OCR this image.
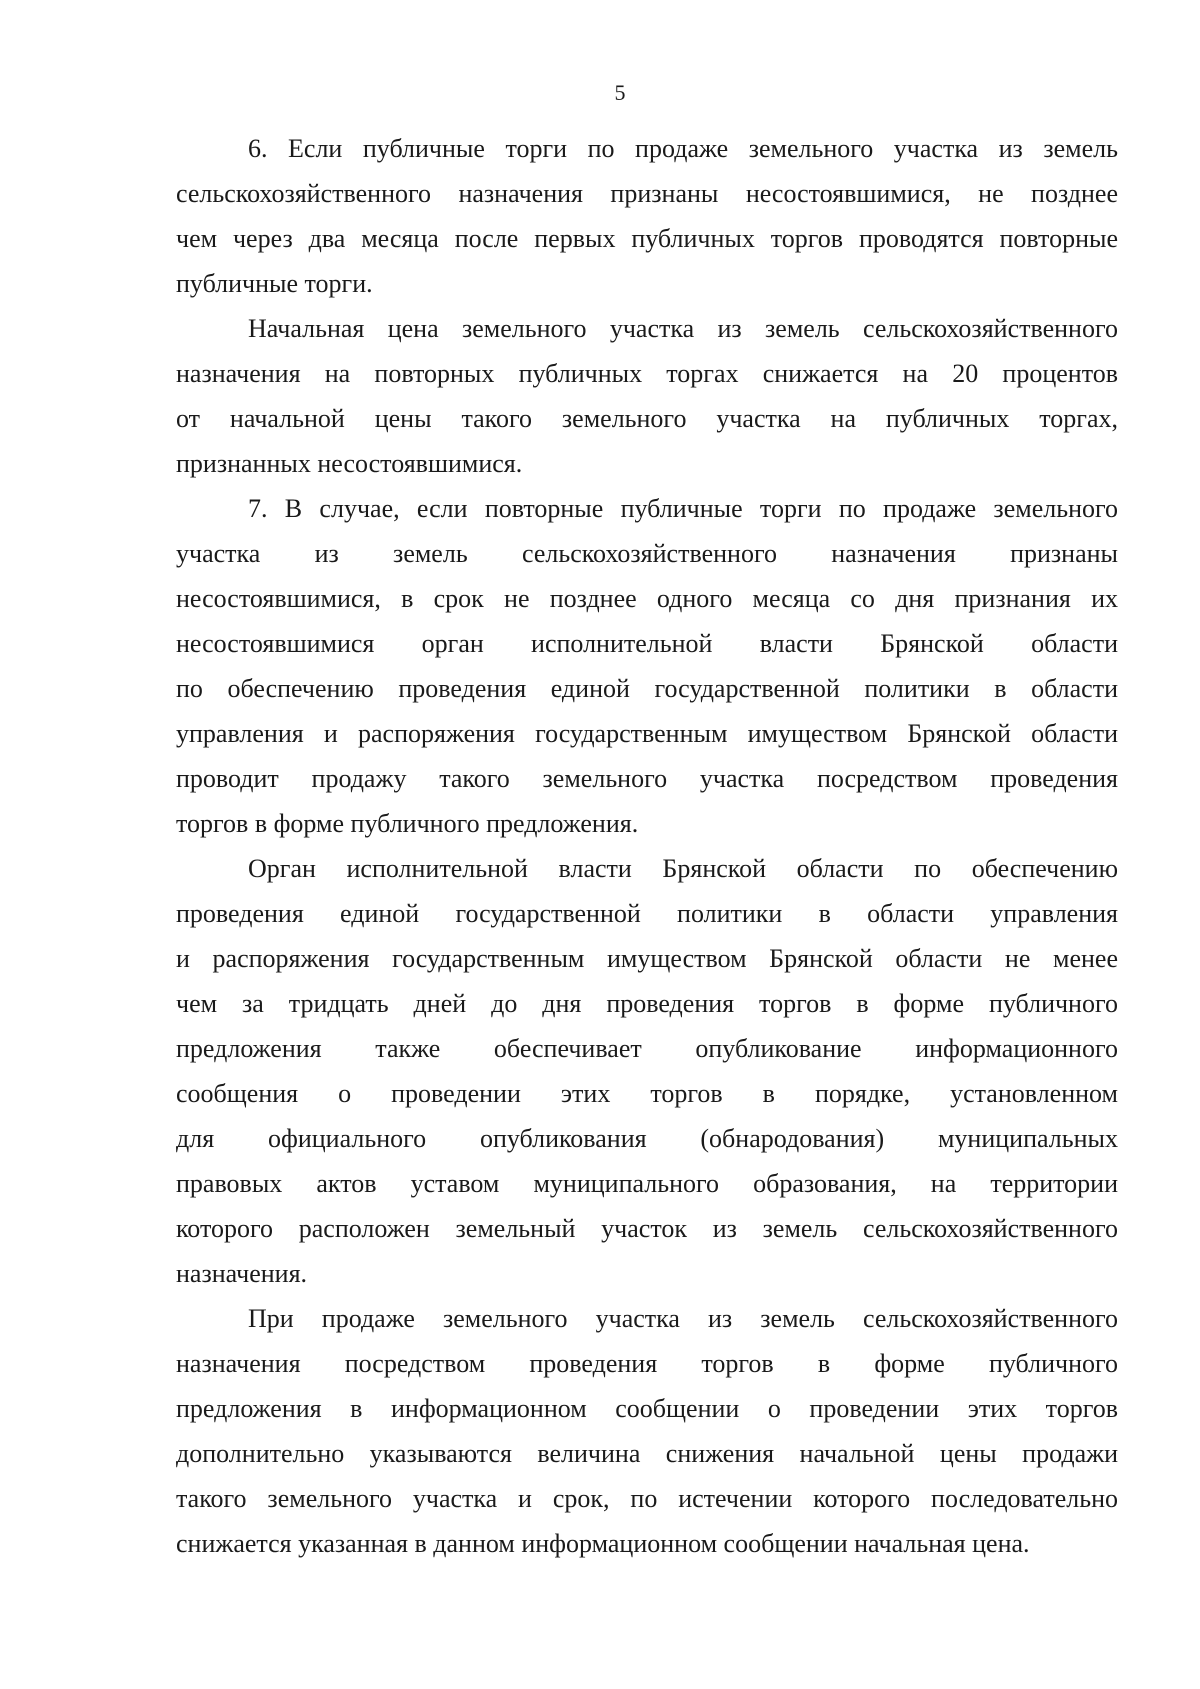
5
6. Если публичные торги по продаже земельного участка из земель
сельскохозяйственного назначения признаны несостоявшимися, не позднее
чем через два месяца после первых публичных торгов проводятся повторные
публичные торги.
Начальная цена земельного участка из земель сельскохозяйственного
назначения на повторных публичных торгах снижается на 20 процентов
от начальной цены такого земельного участка на публичных торгах,
признанных несостоявшимися.
7. В случае, если повторные публичные торги по продаже земельного
участка из земель сельскохозяйственного назначения признаны
несостоявшимися, в срок не позднее одного месяца со дня признания их
несостоявшимися орган исполнительной власти Брянской области
по обеспечению проведения единой государственной политики в области
управления и распоряжения государственным имуществом Брянской области
проводит продажу такого земельного участка посредством проведения
торгов в форме публичного предложения.
Орган исполнительной власти Брянской области по обеспечению
проведения единой государственной политики в области управления
и распоряжения государственным имуществом Брянской области не менее
чем за тридцать дней до дня проведения торгов в форме публичного
предложения также обеспечивает опубликование информационного
сообщения о проведении этих торгов в порядке, установленном
для официального опубликования (обнародования) муниципальных
правовых актов уставом муниципального образования, на территории
которого расположен земельный участок из земель сельскохозяйственного
назначения.
При продаже земельного участка из земель сельскохозяйственного
назначения посредством проведения торгов в форме публичного
предложения в информационном сообщении о проведении этих торгов
дополнительно указываются величина снижения начальной цены продажи
такого земельного участка и срок, по истечении которого последовательно
снижается указанная в данном информационном сообщении начальная цена.
